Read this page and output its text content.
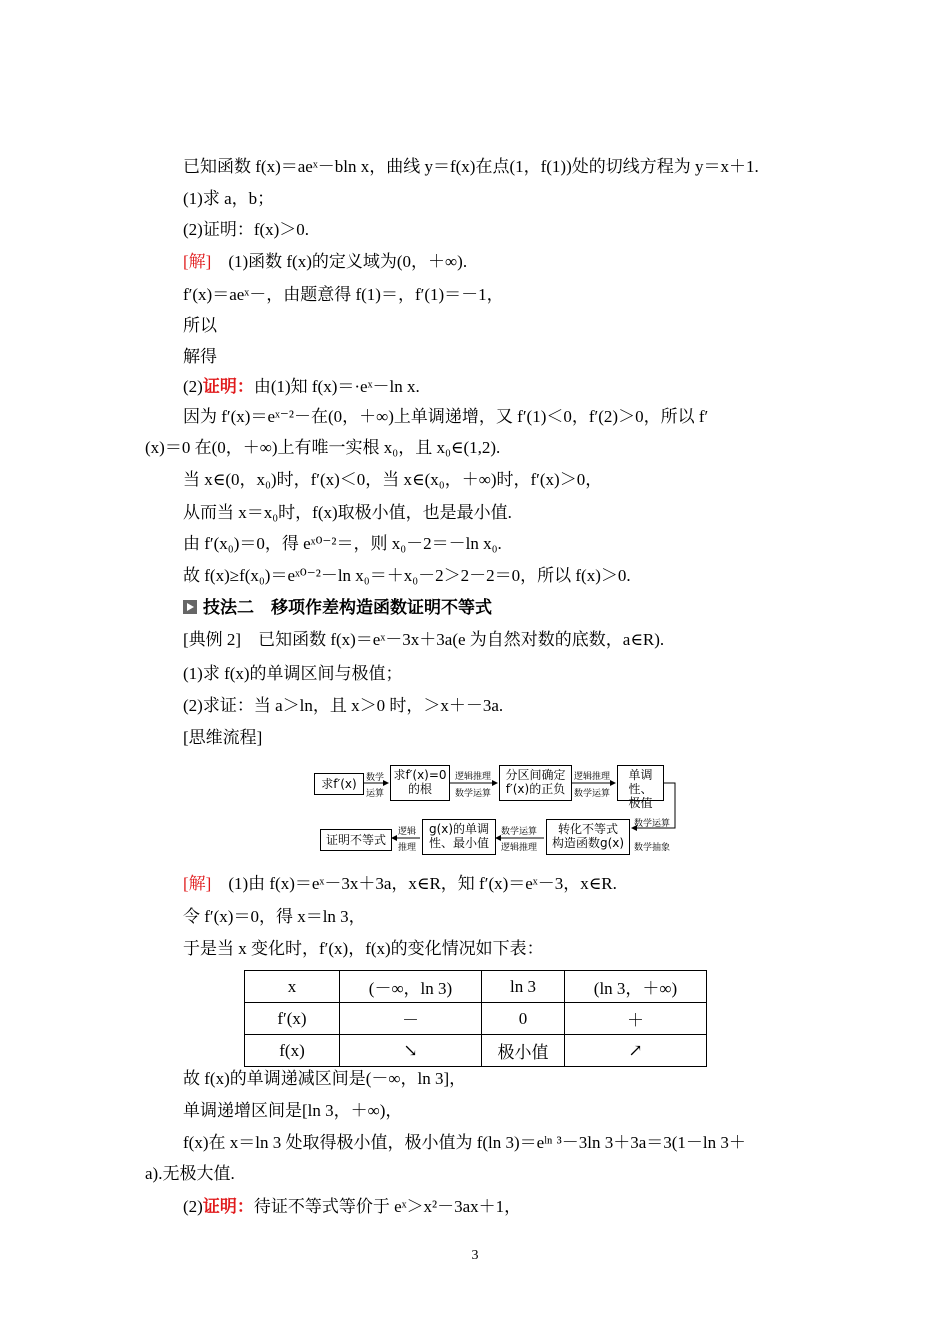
已知函数 f(x)＝aeˣ－bln x，曲线 y＝f(x)在点(1，f(1))处的切线方程为 y＝x＋1.
(1)求 a，b；
(2)证明：f(x)＞0.
[解]　 (1)函数 f(x)的定义域为(0，＋∞).
f′(x)＝aeˣ－，由题意得 f(1)＝，f′(1)＝－1，
所以
解得
(2)证明：由(1)知 f(x)＝·eˣ－ln x.
因为 f′(x)＝eˣ⁻²－在(0，＋∞)上单调递增，又 f′(1)＜0，f′(2)＞0，所以 f′
(x)＝0 在(0，＋∞)上有唯一实根 x₀，且 x₀∈(1,2).
当 x∈(0，x₀)时，f′(x)＜0，当 x∈(x₀，＋∞)时，f′(x)＞0，
从而当 x＝x₀时，f(x)取极小值，也是最小值.
由 f′(x₀)＝0，得 eˣ⁰⁻²＝，则 x₀－2＝－ln x₀.
故 f(x)≥f(x₀)＝eˣ⁰⁻²－ln x₀＝＋x₀－2＞2－2＝0，所以 f(x)＞0.
技法二　移项作差构造函数证明不等式
[典例 2]　 已知函数 f(x)＝eˣ－3x＋3a(e 为自然对数的底数，a∈R).
(1)求 f(x)的单调区间与极值；
(2)求证：当 a＞ln，且 x＞0 时，＞x＋－3a.
[思维流程]
求f′(x)
求f′(x)=0
的根
分区间确定
f′(x)的正负
单调性、
极值
转化不等式
构造函数g(x)
g(x)的单调
性、最小值
证明不等式
数学
运算
逻辑推理
数学运算
逻辑推理
数学运算
数学运算
数学抽象
数学运算
逻辑推理
逻辑
推理
[解]　 (1)由 f(x)＝eˣ－3x＋3a，x∈R，知 f′(x)＝eˣ－3，x∈R.
令 f′(x)＝0，得 x＝ln 3，
于是当 x 变化时，f′(x)，f(x)的变化情况如下表：
x	(－∞，ln 3)	ln 3	(ln 3，＋∞)
f′(x)	－	0	＋
f(x)	↘	极小值	↗
故 f(x)的单调递减区间是(－∞，ln 3]，
单调递增区间是[ln 3，＋∞)，
f(x)在 x＝ln 3 处取得极小值，极小值为 f(ln 3)＝eˡⁿ ³－3ln 3＋3a＝3(1－ln 3＋
a).无极大值.
(2)证明：待证不等式等价于 eˣ＞x²－3ax＋1，
3
